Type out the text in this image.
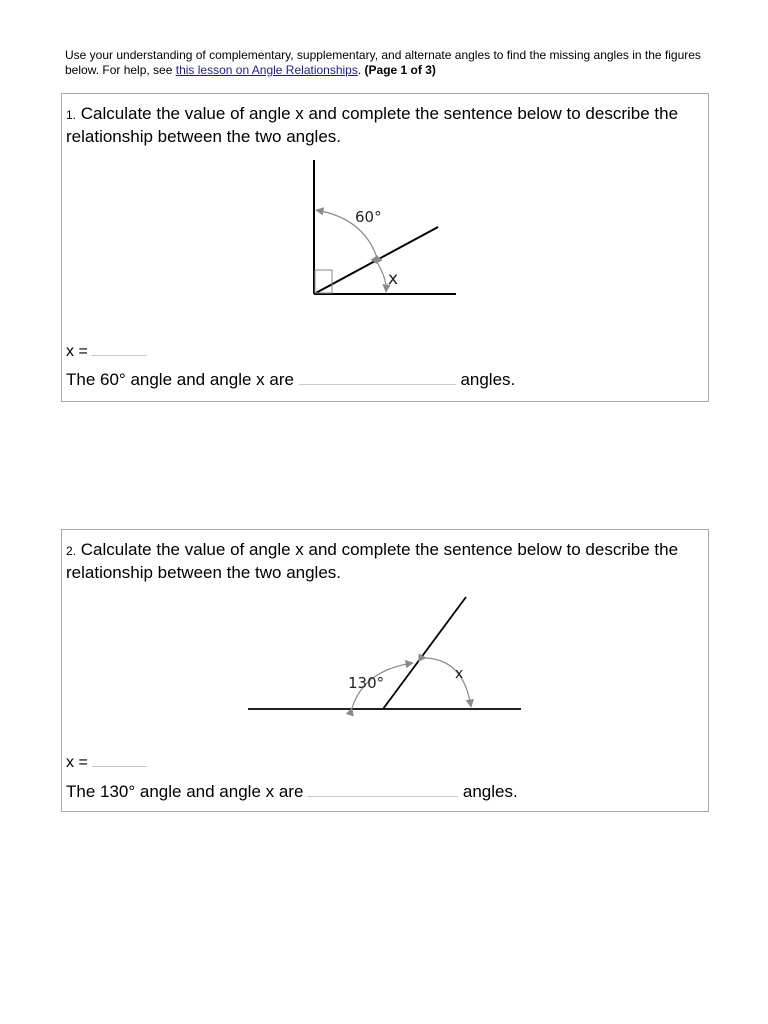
Use your understanding of complementary, supplementary, and alternate angles to find the missing angles in the figures below. For help, see this lesson on Angle Relationships. (Page 1 of 3)
1. Calculate the value of angle x and complete the sentence below to describe the relationship between the two angles.
60°
x
x =
The 60° angle and angle x are	angles.
2. Calculate the value of angle x and complete the sentence below to describe the relationship between the two angles.
130°	x
x =
The 130° angle and angle x are	angles.
